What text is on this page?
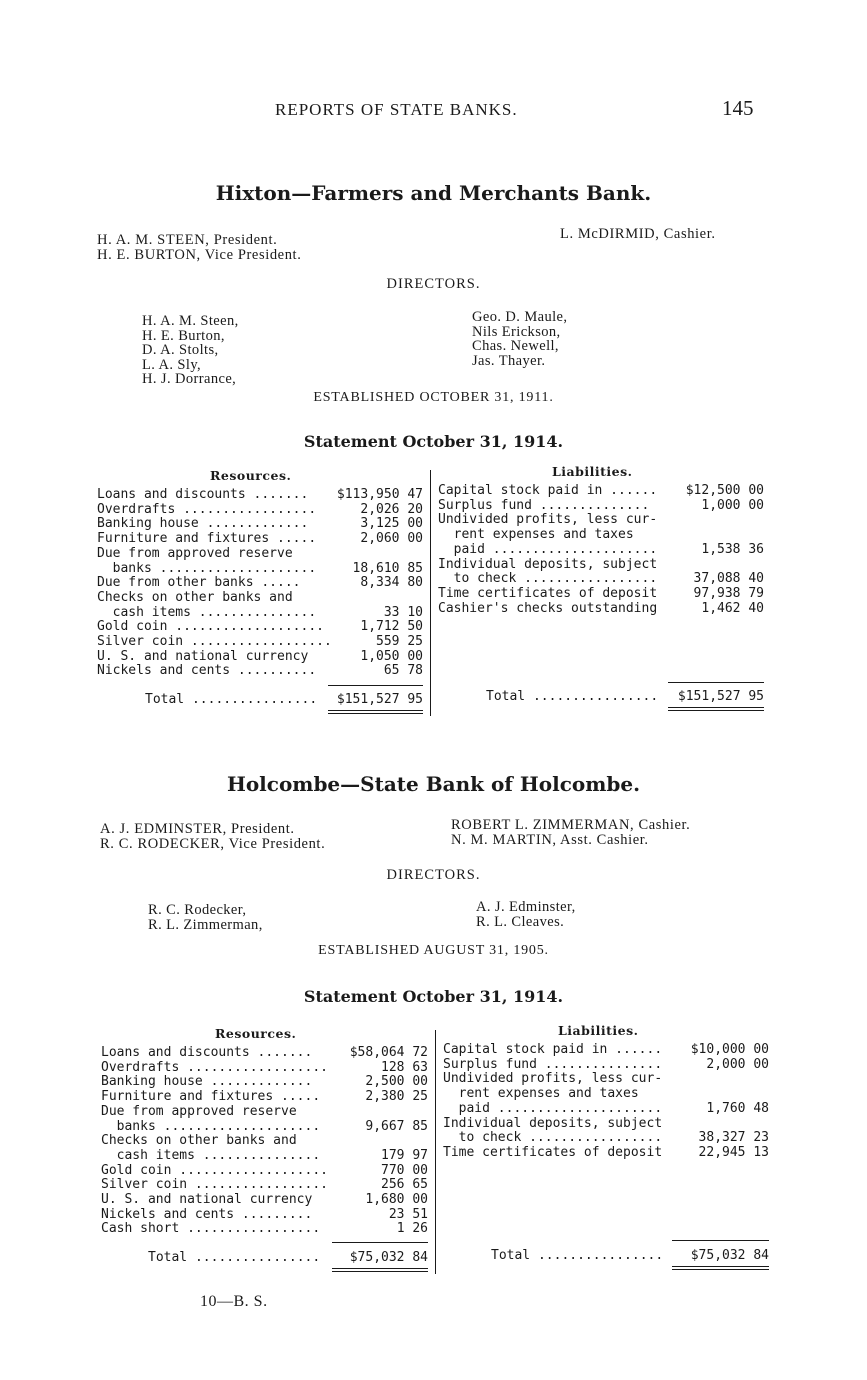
REPORTS OF STATE BANKS.	145
Hixton—Farmers and Merchants Bank.
H. A. M. STEEN, President.
H. E. BURTON, Vice President.
L. McDIRMID, Cashier.
DIRECTORS.
H. A. M. Steen,
H. E. Burton,
D. A. Stolts,
L. A. Sly,
H. J. Dorrance,
Geo. D. Maule,
Nils Erickson,
Chas. Newell,
Jas. Thayer.
ESTABLISHED OCTOBER 31, 1911.
Statement October 31, 1914.
Resources.	Liabilities.
Loans and discounts ....... $113,950 47
Overdrafts .................	2,026 20
Banking house .............	3,125 00
Furniture and fixtures .....	2,060 00
Due from approved reserve
banks ....................	18,610 85
Due from other banks .....	8,334 80
Checks on other banks and
cash items ...............	33 10
Gold coin ...................	1,712 50
Silver coin ..................	559 25
U. S. and national currency	1,050 00
Nickels and cents ..........	65 78
Capital stock paid in ...... $12,500 00
Surplus fund ..............	1,000 00
Undivided profits, less cur-
rent expenses and taxes
paid .....................	1,538 36
Individual deposits, subject
to check .................	37,088 40
Time certificates of deposit	97,938 79
Cashier's checks outstanding	1,462 40
Total ................ $151,527 95	Total ................ $151,527 95
Holcombe—State Bank of Holcombe.
A. J. EDMINSTER, President.
R. C. RODECKER, Vice President.
ROBERT L. ZIMMERMAN, Cashier.
N. M. MARTIN, Asst. Cashier.
DIRECTORS.
R. C. Rodecker,
R. L. Zimmerman,
A. J. Edminster,
R. L. Cleaves.
ESTABLISHED AUGUST 31, 1905.
Statement October 31, 1914.
Resources.	Liabilities.
Loans and discounts .......	$58,064 72
Overdrafts ..................	128 63
Banking house .............	2,500 00
Furniture and fixtures .....	2,380 25
Due from approved reserve
banks ....................	9,667 85
Checks on other banks and
cash items ...............	179 97
Gold coin ...................	770 00
Silver coin .................	256 65
U. S. and national currency	1,680 00
Nickels and cents .........	23 51
Cash short .................	1 26
Capital stock paid in ...... $10,000 00
Surplus fund ...............	2,000 00
Undivided profits, less cur-
rent expenses and taxes
paid .....................	1,760 48
Individual deposits, subject
to check .................	38,327 23
Time certificates of deposit	22,945 13
Total ................ $75,032 84	Total ................ $75,032 84
10—B. S.
